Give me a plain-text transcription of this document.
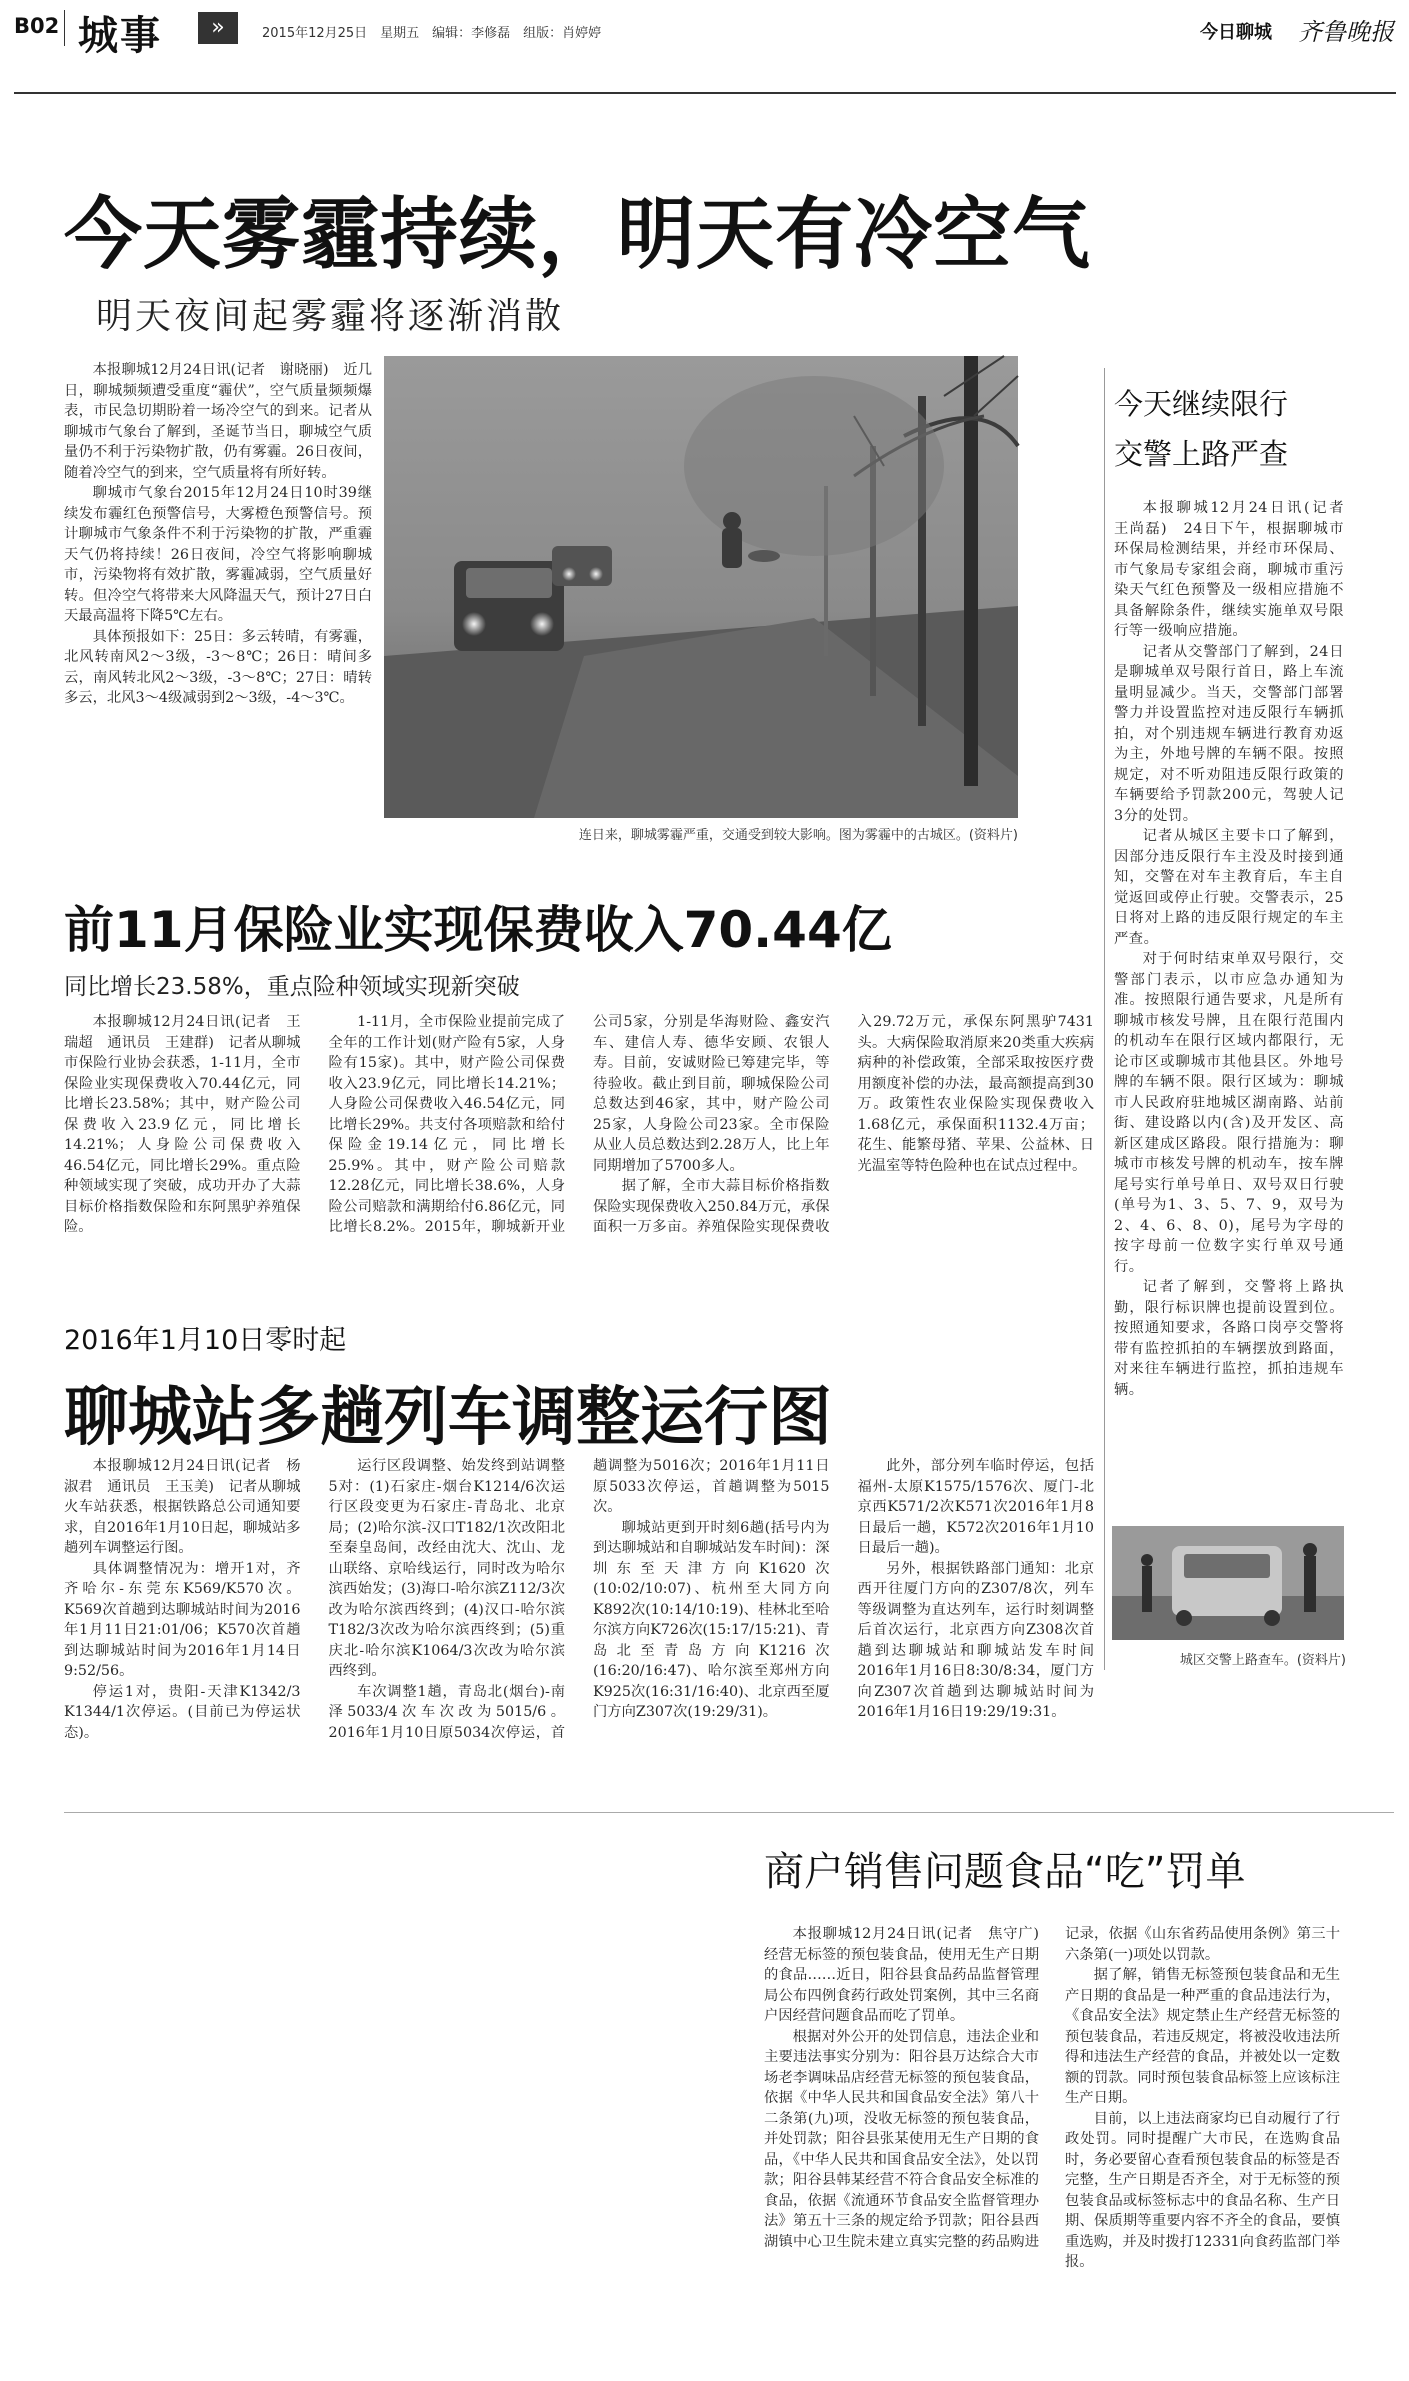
B02 城事	»	2015年12月25日　星期五　编辑：李修磊　组版：肖婷婷	今日聊城 齐鲁晚报
今天雾霾持续，明天有冷空气
明天夜间起雾霾将逐渐消散

本报聊城12月24日讯(记者　谢晓丽)　近几日，聊城频频遭受重度“霾伏”，空气质量频频爆表，市民急切期盼着一场冷空气的到来。记者从聊城市气象台了解到，圣诞节当日，聊城空气质量仍不利于污染物扩散，仍有雾霾。26日夜间，随着冷空气的到来，空气质量将有所好转。

聊城市气象台2015年12月24日10时39继续发布霾红色预警信号，大雾橙色预警信号。预计聊城市气象条件不利于污染物的扩散，严重霾天气仍将持续！26日夜间，冷空气将影响聊城市，污染物将有效扩散，雾霾减弱，空气质量好转。但冷空气将带来大风降温天气，预计27日白天最高温将下降5℃左右。

具体预报如下：25日：多云转晴，有雾霾，北风转南风2～3级，-3～8℃；26日：晴间多云，南风转北风2～3级，-3～8℃；27日：晴转多云，北风3～4级减弱到2～3级，-4～3℃。

连日来，聊城雾霾严重，交通受到较大影响。图为雾霾中的古城区。(资料片)
今天继续限行
交警上路严查

本报聊城12月24日讯(记者　王尚磊)　24日下午，根据聊城市环保局检测结果，并经市环保局、市气象局专家组会商，聊城市重污染天气红色预警及一级相应措施不具备解除条件，继续实施单双号限行等一级响应措施。

记者从交警部门了解到，24日是聊城单双号限行首日，路上车流量明显减少。当天，交警部门部署警力并设置监控对违反限行车辆抓拍，对个别违规车辆进行教育劝返为主，外地号牌的车辆不限。按照规定，对不听劝阻违反限行政策的车辆要给予罚款200元，驾驶人记3分的处罚。

记者从城区主要卡口了解到，因部分违反限行车主没及时接到通知，交警在对车主教育后，车主自觉返回或停止行驶。交警表示，25日将对上路的违反限行规定的车主严查。

对于何时结束单双号限行，交警部门表示，以市应急办通知为准。按照限行通告要求，凡是所有聊城市核发号牌，且在限行范围内的机动车在限行区域内都限行，无论市区或聊城市其他县区。外地号牌的车辆不限。限行区域为：聊城市人民政府驻地城区湖南路、站前街、建设路以内(含)及开发区、高新区建成区路段。限行措施为：聊城市市核发号牌的机动车，按车牌尾号实行单号单日、双号双日行驶(单号为1、3、5、7、9，双号为2、4、6、8、0)，尾号为字母的按字母前一位数字实行单双号通行。

记者了解到，交警将上路执勤，限行标识牌也提前设置到位。按照通知要求，各路口岗亭交警将带有监控抓拍的车辆摆放到路面，对来往车辆进行监控，抓拍违规车辆。

城区交警上路查车。(资料片)
前11月保险业实现保费收入70.44亿
同比增长23.58%，重点险种领域实现新突破

本报聊城12月24日讯(记者　王瑞超　通讯员　王建群)　记者从聊城市保险行业协会获悉，1-11月，全市保险业实现保费收入70.44亿元，同比增长23.58%；其中，财产险公司保费收入23.9亿元，同比增长14.21%；人身险公司保费收入46.54亿元，同比增长29%。重点险种领域实现了突破，成功开办了大蒜目标价格指数保险和东阿黑驴养殖保险。

1-11月，全市保险业提前完成了全年的工作计划(财产险有5家，人身险有15家)。其中，财产险公司保费收入23.9亿元，同比增长14.21%；人身险公司保费收入46.54亿元，同比增长29%。共支付各项赔款和给付保险金19.14亿元，同比增长25.9%。其中，财产险公司赔款12.28亿元，同比增长38.6%，人身险公司赔款和满期给付6.86亿元，同比增长8.2%。2015年，聊城新开业公司5家，分别是华海财险、鑫安汽车、建信人寿、德华安顾、农银人寿。目前，安诚财险已筹建完毕，等待验收。截止到目前，聊城保险公司总数达到46家，其中，财产险公司25家，人身险公司23家。全市保险从业人员总数达到2.28万人，比上年同期增加了5700多人。

据了解，全市大蒜目标价格指数保险实现保费收入250.84万元，承保面积一万多亩。养殖保险实现保费收入29.72万元，承保东阿黑驴7431头。大病保险取消原来20类重大疾病病种的补偿政策，全部采取按医疗费用额度补偿的办法，最高额提高到30万。政策性农业保险实现保费收入1.68亿元，承保面积1132.4万亩；花生、能繁母猪、苹果、公益林、日光温室等特色险种也在试点过程中。

2016年1月10日零时起
聊城站多趟列车调整运行图

本报聊城12月24日讯(记者　杨淑君　通讯员　王玉美)　记者从聊城火车站获悉，根据铁路总公司通知要求，自2016年1月10日起，聊城站多趟列车调整运行图。

具体调整情况为：增开1对，齐齐哈尔-东莞东K569/K570次。K569次首趟到达聊城站时间为2016年1月11日21:01/06；K570次首趟到达聊城站时间为2016年1月14日9:52/56。

停运1对，贵阳-天津K1342/3 K1344/1次停运。(目前已为停运状态)。

运行区段调整、始发终到站调整5对：(1)石家庄-烟台K1214/6次运行区段变更为石家庄-青岛北、北京局；(2)哈尔滨-汉口T182/1次改阳北至秦皇岛间，改经由沈大、沈山、龙山联络、京哈线运行，同时改为哈尔滨西始发；(3)海口-哈尔滨Z112/3次改为哈尔滨西终到；(4)汉口-哈尔滨T182/3次改为哈尔滨西终到；(5)重庆北-哈尔滨K1064/3次改为哈尔滨西终到。

车次调整1趟，青岛北(烟台)-南泽5033/4次车次改为5015/6。2016年1月10日原5034次停运，首趟调整为5016次；2016年1月11日原5033次停运，首趟调整为5015次。

聊城站更到开时刻6趟(括号内为到达聊城站和自聊城站发车时间)：深圳东至天津方向K1620次(10:02/10:07)、杭州至大同方向K892次(10:14/10:19)、桂林北至哈尔滨方向K726次(15:17/15:21)、青岛北至青岛方向K1216次(16:20/16:47)、哈尔滨至郑州方向K925次(16:31/16:40)、北京西至厦门方向Z307次(19:29/31)。

此外，部分列车临时停运，包括福州-太原K1575/1576次、厦门-北京西K571/2次K571次2016年1月8日最后一趟，K572次2016年1月10日最后一趟)。

另外，根据铁路部门通知：北京西开往厦门方向的Z307/8次，列车等级调整为直达列车，运行时刻调整后首次运行，北京西方向Z308次首趟到达聊城站和聊城站发车时间2016年1月16日8:30/8:34，厦门方向Z307次首趟到达聊城站时间为2016年1月16日19:29/19:31。

商户销售问题食品“吃”罚单

本报聊城12月24日讯(记者　焦守广)　经营无标签的预包装食品，使用无生产日期的食品……近日，阳谷县食品药品监督管理局公布四例食药行政处罚案例，其中三名商户因经营问题食品而吃了罚单。

根据对外公开的处罚信息，违法企业和主要违法事实分别为：阳谷县万达综合大市场老李调味品店经营无标签的预包装食品，依据《中华人民共和国食品安全法》第八十二条第(九)项，没收无标签的预包装食品，并处罚款；阳谷县张某使用无生产日期的食品，《中华人民共和国食品安全法》，处以罚款；阳谷县韩某经营不符合食品安全标准的食品，依据《流通环节食品安全监督管理办法》第五十三条的规定给予罚款；阳谷县西湖镇中心卫生院未建立真实完整的药品购进记录，依据《山东省药品使用条例》第三十六条第(一)项处以罚款。

据了解，销售无标签预包装食品和无生产日期的食品是一种严重的食品违法行为，《食品安全法》规定禁止生产经营无标签的预包装食品，若违反规定，将被没收违法所得和违法生产经营的食品，并被处以一定数额的罚款。同时预包装食品标签上应该标注生产日期。

目前，以上违法商家均已自动履行了行政处罚。同时提醒广大市民，在选购食品时，务必要留心查看预包装食品的标签是否完整，生产日期是否齐全，对于无标签的预包装食品或标签标志中的食品名称、生产日期、保质期等重要内容不齐全的食品，要慎重选购，并及时拨打12331向食药监部门举报。
